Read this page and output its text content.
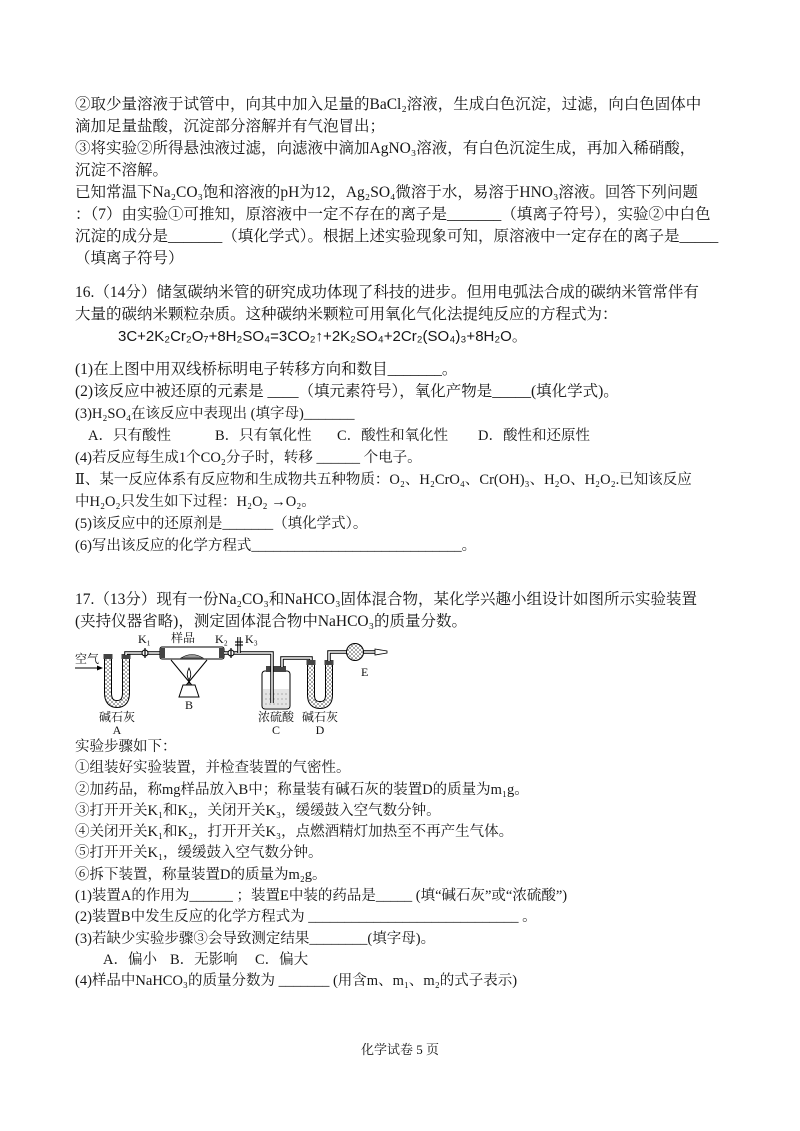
②取少量溶液于试管中，向其中加入足量的BaCl₂溶液，生成白色沉淀，过滤，向白色固体中
滴加足量盐酸，沉淀部分溶解并有气泡冒出；
③将实验②所得悬浊液过滤，向滤液中滴加AgNO₃溶液，有白色沉淀生成，再加入稀硝酸，
沉淀不溶解。
已知常温下Na₂CO₃饱和溶液的pH为12，Ag₂SO₄微溶于水，易溶于HNO₃溶液。回答下列问题
：（7）由实验①可推知，原溶液中一定不存在的离子是_______（填离子符号），实验②中白色
沉淀的成分是_______（填化学式）。根据上述实验现象可知，原溶液中一定存在的离子是_____
（填离子符号）
16.（14分）储氢碳纳米管的研究成功体现了科技的进步。但用电弧法合成的碳纳米管常伴有
大量的碳纳米颗粒杂质。这种碳纳米颗粒可用氧化气化法提纯反应的方程式为：
3C+2K₂Cr₂O₇+8H₂SO₄=3CO₂↑+2K₂SO₄+2Cr₂(SO₄)₃+8H₂O。
(1)在上图中用双线桥标明电子转移方向和数目_______。
(2)该反应中被还原的元素是 ____（填元素符号），氧化产物是_____(填化学式)。
(3)H₂SO₄在该反应中表现出 (填字母)_______
A．只有酸性	B．只有氧化性 C．酸性和氧化性 D．酸性和还原性
(4)若反应每生成1个CO₂分子时，转移 ______ 个电子。
Ⅱ、某一反应体系有反应物和生成物共五种物质：O₂、H₂CrO₄、Cr(OH)₃、H₂O、H₂O₂.已知该反应
中H₂O₂只发生如下过程：H₂O₂ →O₂。
(5)该反应中的还原剂是_______（填化学式）。
(6)写出该反应的化学方程式_____________________________。
17.（13分）现有一份Na₂CO₃和NaHCO₃固体混合物，某化学兴趣小组设计如图所示实验装置
(夹持仪器省略)，测定固体混合物中NaHCO₃的质量分数。
空气
K₁ 样品
B
K₂ K₃
E
碱石灰
A
浓硫酸
C
碱石灰
D
实验步骤如下：
①组装好实验装置，并检查装置的气密性。
②加药品，称mg样品放入B中；称量装有碱石灰的装置D的质量为m₁g。
③打开开关K₁和K₂，关闭开关K₃，缓缓鼓入空气数分钟。
④关闭开关K₁和K₂，打开开关K₃，点燃酒精灯加热至不再产生气体。
⑤打开开关K₁，缓缓鼓入空气数分钟。
⑥拆下装置，称量装置D的质量为m₂g。
(1)装置A的作用为______ ；装置E中装的药品是_____ (填“碱石灰”或“浓硫酸”)
(2)装置B中发生反应的化学方程式为 _____________________________ 。
(3)若缺少实验步骤③会导致测定结果________(填字母)。
A．偏小 B．无影响 C．偏大
(4)样品中NaHCO₃的质量分数为 _______ (用含m、m₁、m₂的式子表示)
化学试卷 5 页
